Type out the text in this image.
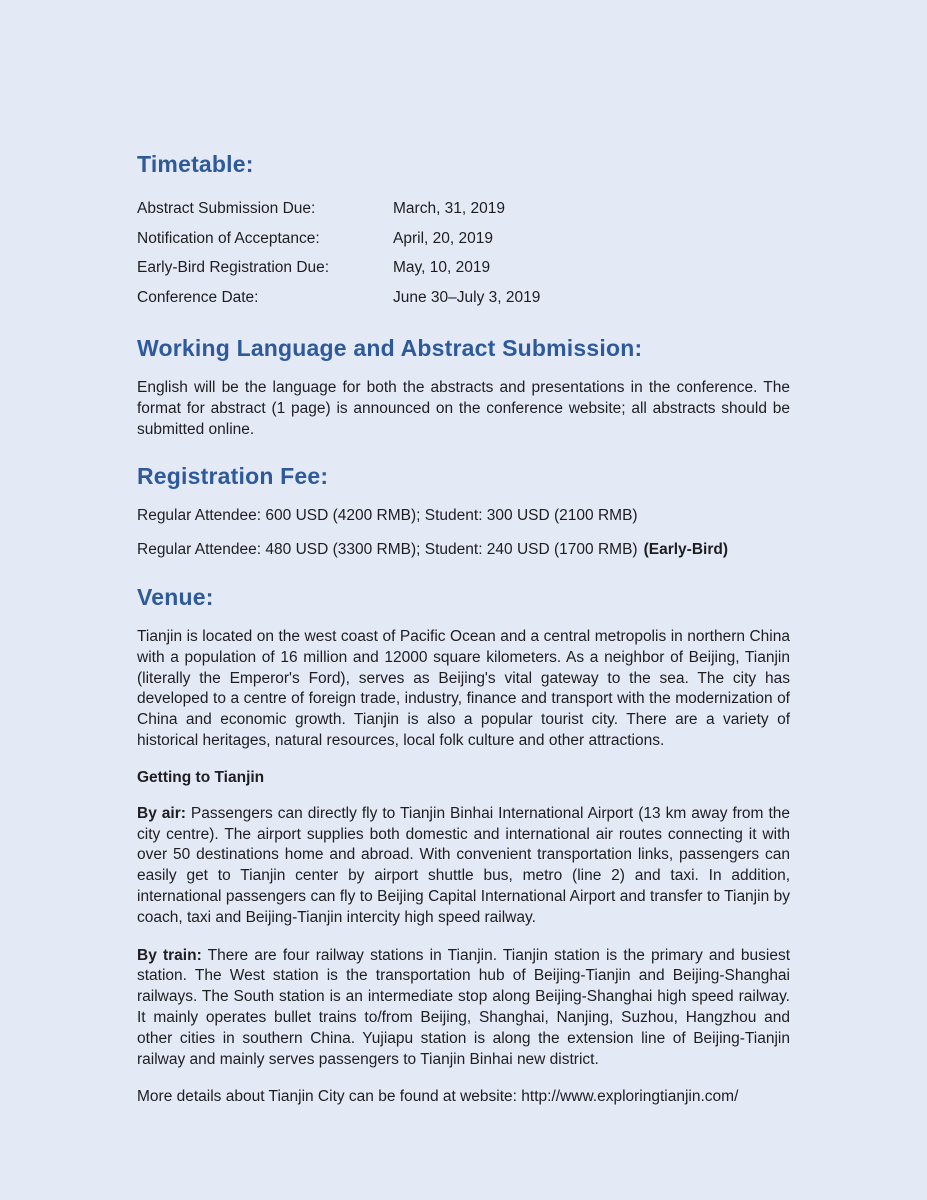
Timetable:
Abstract Submission Due:	March, 31, 2019
Notification of Acceptance:	April, 20, 2019
Early-Bird Registration Due:	May, 10, 2019
Conference Date:	June 30–July 3, 2019
Working Language and Abstract Submission:

English will be the language for both the abstracts and presentations in the conference. The format for abstract (1 page) is announced on the conference website; all abstracts should be submitted online.

Registration Fee:

Regular Attendee: 600 USD (4200 RMB); Student: 300 USD (2100 RMB)

Regular Attendee: 480 USD (3300 RMB); Student: 240 USD (1700 RMB) (Early-Bird)

Venue:

Tianjin is located on the west coast of Pacific Ocean and a central metropolis in northern China with a population of 16 million and 12000 square kilometers. As a neighbor of Beijing, Tianjin (literally the Emperor's Ford), serves as Beijing's vital gateway to the sea. The city has developed to a centre of foreign trade, industry, finance and transport with the modernization of China and economic growth. Tianjin is also a popular tourist city. There are a variety of historical heritages, natural resources, local folk culture and other attractions.

Getting to Tianjin

By air: Passengers can directly fly to Tianjin Binhai International Airport (13 km away from the city centre). The airport supplies both domestic and international air routes connecting it with over 50 destinations home and abroad. With convenient transportation links, passengers can easily get to Tianjin center by airport shuttle bus, metro (line 2) and taxi. In addition, international passengers can fly to Beijing Capital International Airport and transfer to Tianjin by coach, taxi and Beijing-Tianjin intercity high speed railway.

By train: There are four railway stations in Tianjin. Tianjin station is the primary and busiest station. The West station is the transportation hub of Beijing-Tianjin and Beijing-Shanghai railways. The South station is an intermediate stop along Beijing-Shanghai high speed railway. It mainly operates bullet trains to/from Beijing, Shanghai, Nanjing, Suzhou, Hangzhou and other cities in southern China. Yujiapu station is along the extension line of Beijing-Tianjin railway and mainly serves passengers to Tianjin Binhai new district.

More details about Tianjin City can be found at website: http://www.exploringtianjin.com/
